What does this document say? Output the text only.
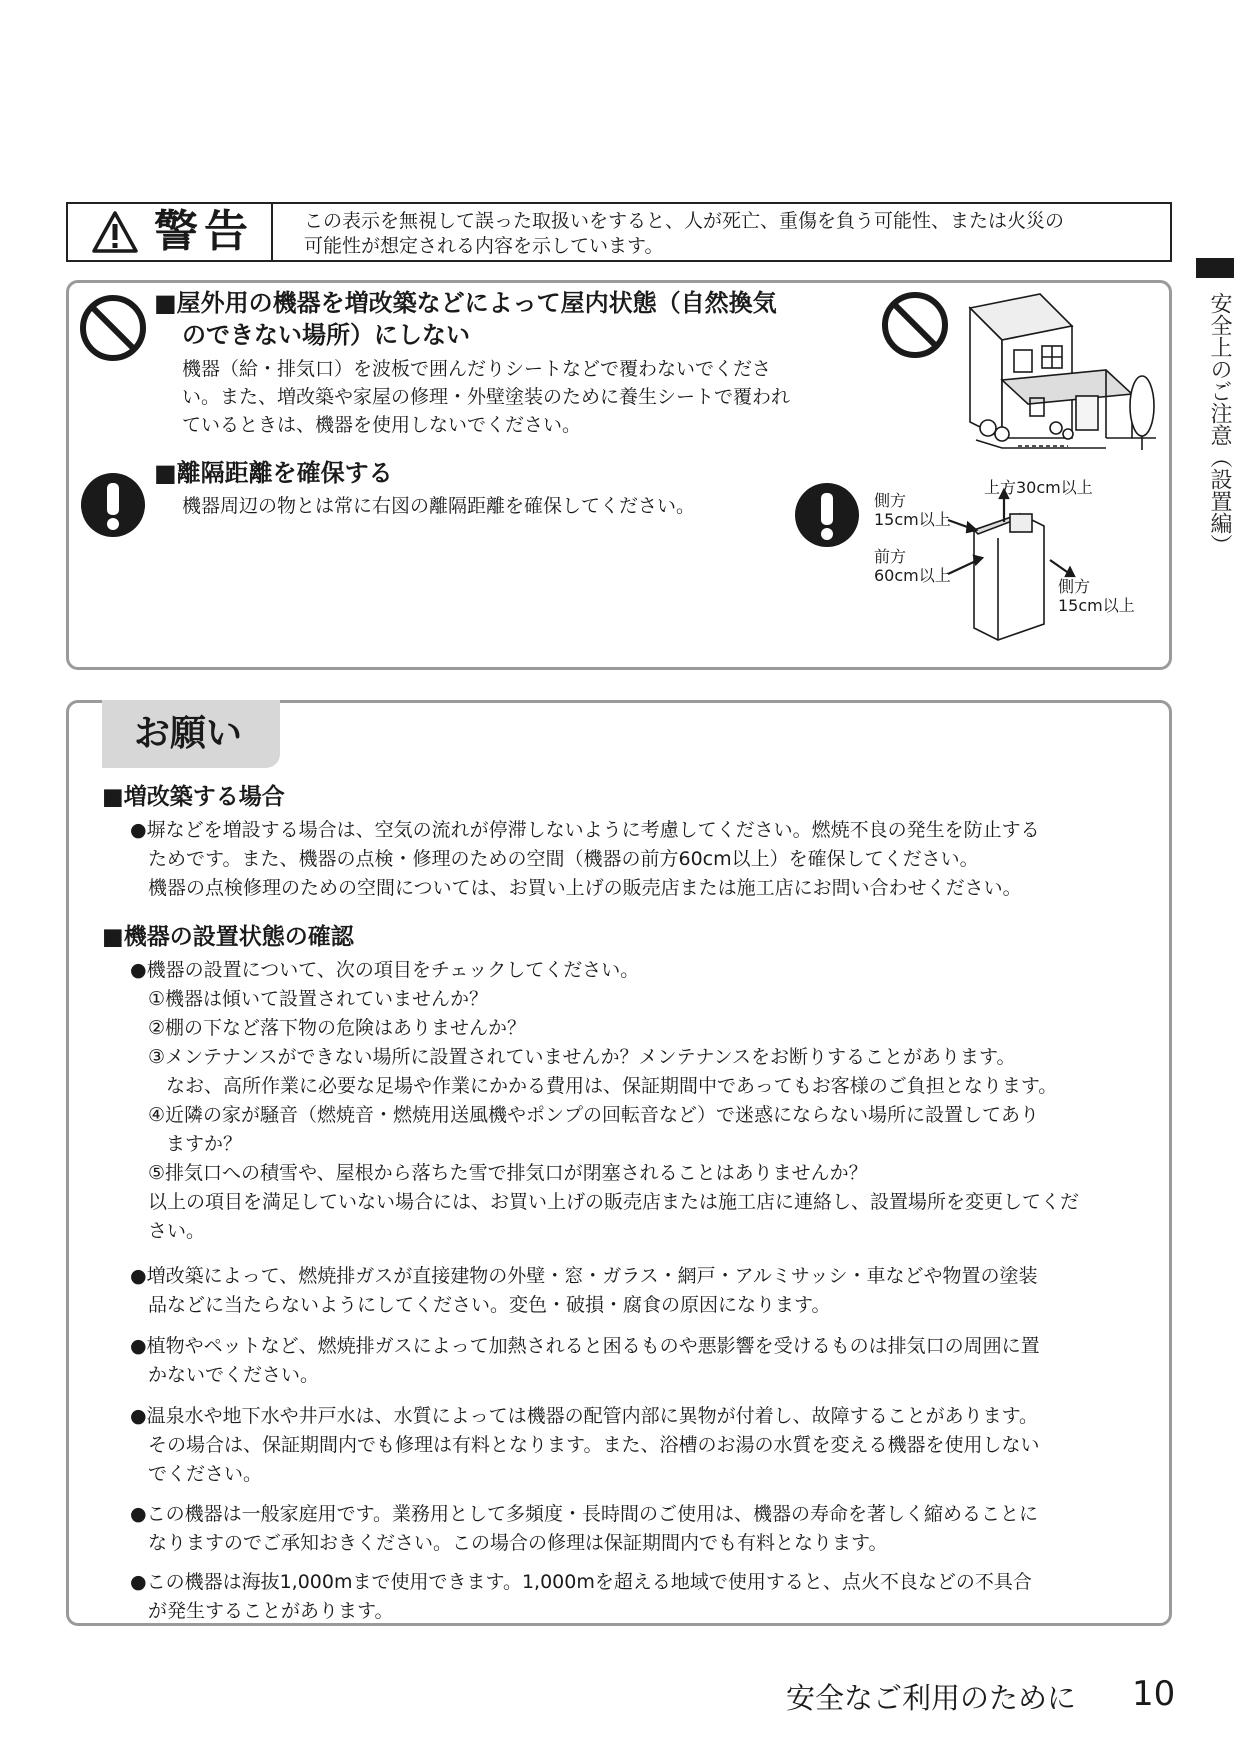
安全上のご注意（設置編）
警告	この表示を無視して誤った取扱いをすると、人が死亡、重傷を負う可能性、または火災の
可能性が想定される内容を示しています。
■屋外用の機器を増改築などによって屋内状態（自然換気
のできない場所）にしない
機器（給・排気口）を波板で囲んだりシートなどで覆わないでくださ
い。また、増改築や家屋の修理・外壁塗装のために養生シートで覆われ
ているときは、機器を使用しないでください。
■離隔距離を確保する
機器周辺の物とは常に右図の離隔距離を確保してください。
上方30cm以上
側方
15cm以上
前方
60cm以上
側方
15cm以上
お願い
■増改築する場合
●塀などを増設する場合は、空気の流れが停滞しないように考慮してください。燃焼不良の発生を防止する
ためです。また、機器の点検・修理のための空間（機器の前方60cm以上）を確保してください。
機器の点検修理のための空間については、お買い上げの販売店または施工店にお問い合わせください。
■機器の設置状態の確認
●機器の設置について、次の項目をチェックしてください。
①機器は傾いて設置されていませんか？
②棚の下など落下物の危険はありませんか？
③メンテナンスができない場所に設置されていませんか？メンテナンスをお断りすることがあります。
なお、高所作業に必要な足場や作業にかかる費用は、保証期間中であってもお客様のご負担となります。
④近隣の家が騒音（燃焼音・燃焼用送風機やポンプの回転音など）で迷惑にならない場所に設置してあり
ますか？
⑤排気口への積雪や、屋根から落ちた雪で排気口が閉塞されることはありませんか？
以上の項目を満足していない場合には、お買い上げの販売店または施工店に連絡し、設置場所を変更してくだ
さい。
●増改築によって、燃焼排ガスが直接建物の外壁・窓・ガラス・網戸・アルミサッシ・車などや物置の塗装
品などに当たらないようにしてください。変色・破損・腐食の原因になります。
●植物やペットなど、燃焼排ガスによって加熱されると困るものや悪影響を受けるものは排気口の周囲に置
かないでください。
●温泉水や地下水や井戸水は、水質によっては機器の配管内部に異物が付着し、故障することがあります。
その場合は、保証期間内でも修理は有料となります。また、浴槽のお湯の水質を変える機器を使用しない
でください。
●この機器は一般家庭用です。業務用として多頻度・長時間のご使用は、機器の寿命を著しく縮めることに
なりますのでご承知おきください。この場合の修理は保証期間内でも有料となります。
●この機器は海抜1,000mまで使用できます。1,000mを超える地域で使用すると、点火不良などの不具合
が発生することがあります。
安全なご利用のために 10
